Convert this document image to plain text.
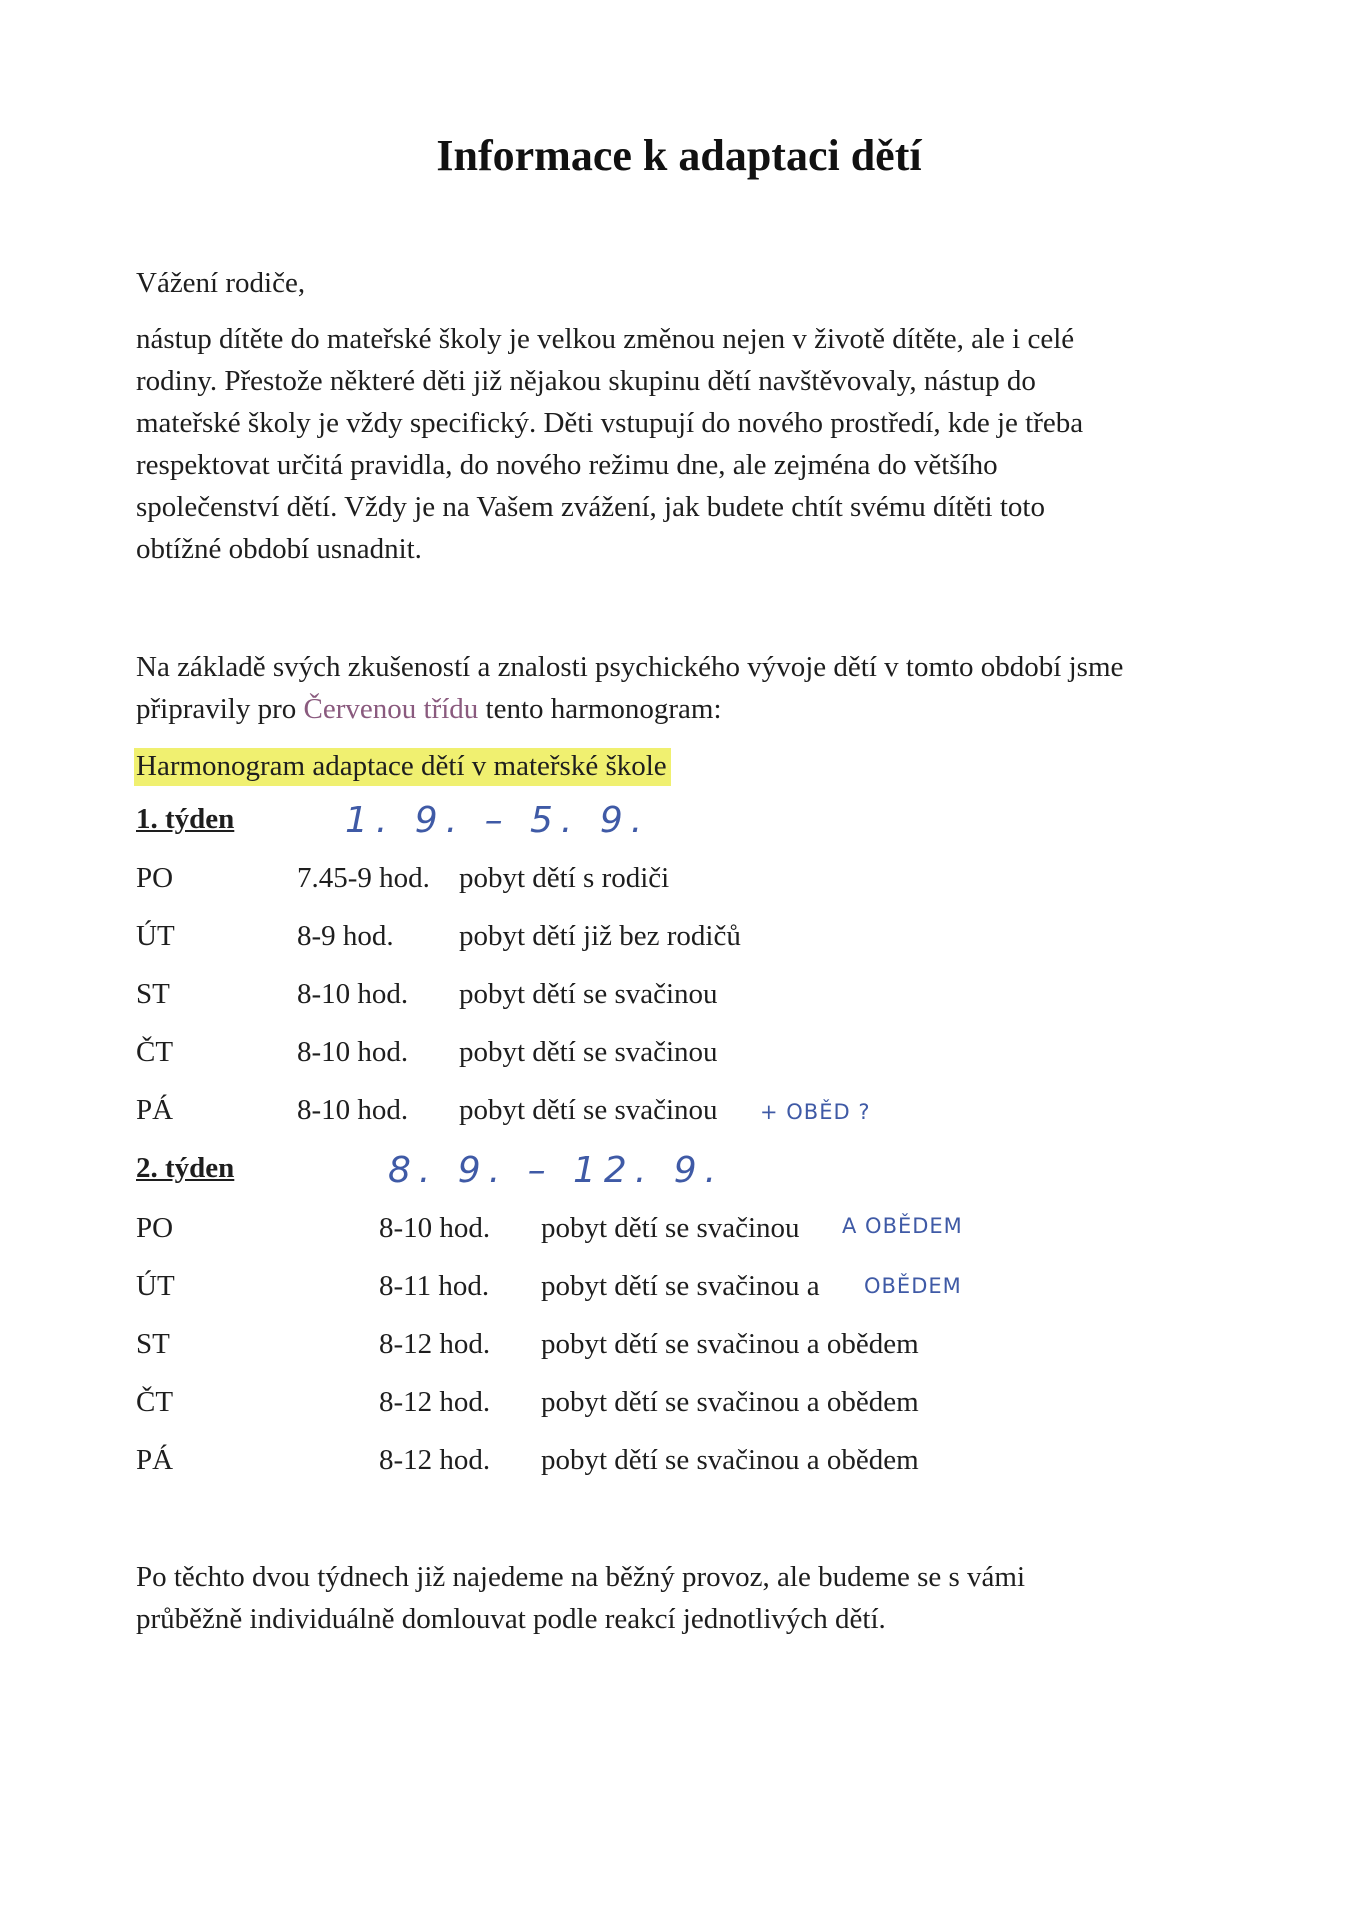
Informace k adaptaci dětí
Vážení rodiče,
nástup dítěte do mateřské školy je velkou změnou nejen v životě dítěte, ale i celé
rodiny. Přestože některé děti již nějakou skupinu dětí navštěvovaly, nástup do
mateřské školy je vždy specifický. Děti vstupují do nového prostředí, kde je třeba
respektovat určitá pravidla, do nového režimu dne, ale zejména do většího
společenství dětí. Vždy je na Vašem zvážení, jak budete chtít svému dítěti toto
obtížné období usnadnit.
Na základě svých zkušeností a znalosti psychického vývoje dětí v tomto období jsme
připravily pro Červenou třídu tento harmonogram:
Harmonogram adaptace dětí v mateřské škole
1. týden	1. 9. – 5. 9.
PO	7.45-9 hod. pobyt dětí s rodiči
ÚT	8-9 hod. pobyt dětí již bez rodičů
ST	8-10 hod. pobyt dětí se svačinou
ČT	8-10 hod. pobyt dětí se svačinou
PÁ	8-10 hod. pobyt dětí se svačinou + OBĚD ?
2. týden	8. 9. – 12. 9.
PO	8-10 hod. pobyt dětí se svačinou A OBĚDEM
ÚT	8-11 hod. pobyt dětí se svačinou a OBĚDEM
ST	8-12 hod. pobyt dětí se svačinou a obědem
ČT	8-12 hod. pobyt dětí se svačinou a obědem
PÁ	8-12 hod. pobyt dětí se svačinou a obědem
Po těchto dvou týdnech již najedeme na běžný provoz, ale budeme se s vámi
průběžně individuálně domlouvat podle reakcí jednotlivých dětí.
